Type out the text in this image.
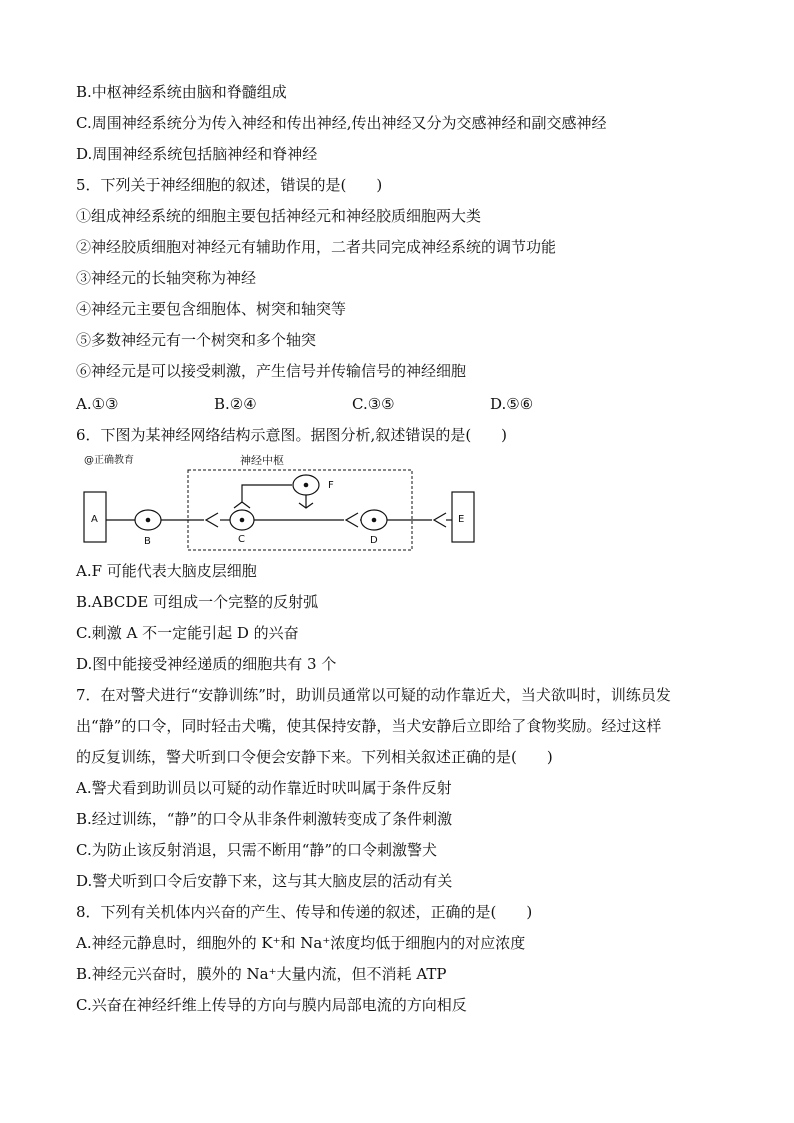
B.中枢神经系统由脑和脊髓组成
C.周围神经系统分为传入神经和传出神经,传出神经又分为交感神经和副交感神经
D.周围神经系统包括脑神经和脊神经
5．下列关于神经细胞的叙述，错误的是(　　)
①组成神经系统的细胞主要包括神经元和神经胶质细胞两大类
②神经胶质细胞对神经元有辅助作用，二者共同完成神经系统的调节功能
③神经元的长轴突称为神经
④神经元主要包含细胞体、树突和轴突等
⑤多数神经元有一个树突和多个轴突
⑥神经元是可以接受刺激，产生信号并传输信号的神经细胞
A.①③	B.②④	C.③⑤	D.⑤⑥
6．下图为某神经网络结构示意图。据图分析,叙述错误的是(　　)
@正确教育	神经中枢
A	E
B	C
F
D
A.F 可能代表大脑皮层细胞
B.ABCDE 可组成一个完整的反射弧
C.刺激 A 不一定能引起 D 的兴奋
D.图中能接受神经递质的细胞共有 3 个
7．在对警犬进行“安静训练”时，助训员通常以可疑的动作靠近犬，当犬欲叫时，训练员发
出“静”的口令，同时轻击犬嘴，使其保持安静，当犬安静后立即给了食物奖励。经过这样
的反复训练，警犬听到口令便会安静下来。下列相关叙述正确的是(　　)
A.警犬看到助训员以可疑的动作靠近时吠叫属于条件反射
B.经过训练，“静”的口令从非条件刺激转变成了条件刺激
C.为防止该反射消退，只需不断用“静”的口令刺激警犬
D.警犬听到口令后安静下来，这与其大脑皮层的活动有关
8．下列有关机体内兴奋的产生、传导和传递的叙述，正确的是(　　)
A.神经元静息时，细胞外的 K⁺和 Na⁺浓度均低于细胞内的对应浓度
B.神经元兴奋时，膜外的 Na⁺大量内流，但不消耗 ATP
C.兴奋在神经纤维上传导的方向与膜内局部电流的方向相反
